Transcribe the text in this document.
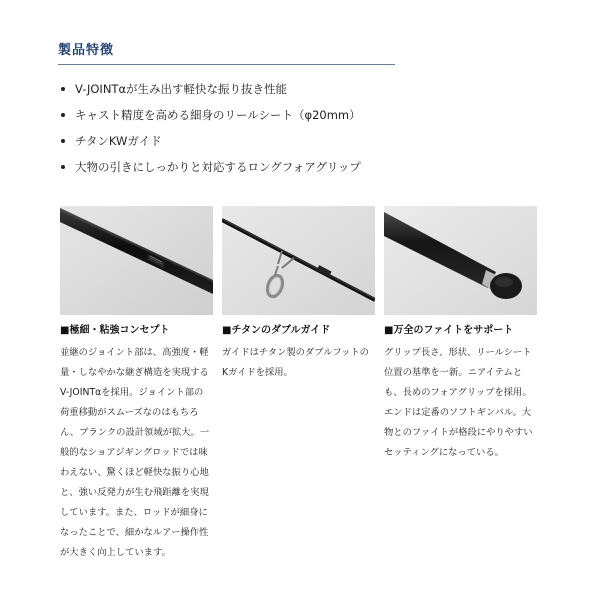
製品特徴
V-JOINTαが生み出す軽快な振り抜き性能
キャスト精度を高める細身のリールシート（φ20mm）
チタンKWガイド
大物の引きにしっかりと対応するロングフォアグリップ
■極細・粘強コンセプト
並継のジョイント部は、高強度・軽量・しなやかな継ぎ構造を実現するV-JOINTαを採用。ジョイント部の荷重移動がスムーズなのはもちろん、ブランクの設計領域が拡大。一般的なショアジギングロッドでは味わえない、驚くほど軽快な振り心地と、強い反発力が生む飛距離を実現しています。また、ロッドが細身になったことで、細かなルアー操作性が大きく向上しています。
■チタンのダブルガイド
ガイドはチタン製のダブルフットのKガイドを採用。
■万全のファイトをサポート
グリップ長さ、形状、リールシート位置の基準を一新。ニアイテムとも、長めのフォアグリップを採用。エンドは定番のソフトギンバル。大物とのファイトが格段にやりやすいセッティングになっている。
